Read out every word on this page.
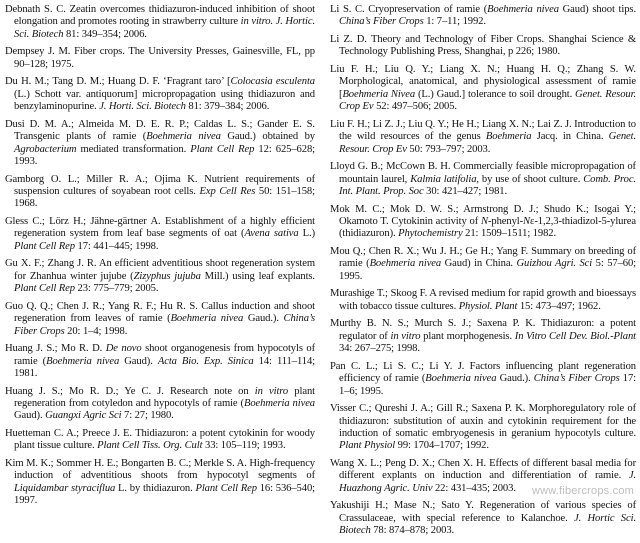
Debnath S. C. Zeatin overcomes thidiazuron-induced inhibition of shoot elongation and promotes rooting in strawberry culture in vitro. J. Hortic. Sci. Biotech 81: 349–354; 2006.

Dempsey J. M. Fiber crops. The University Presses, Gainesville, FL, pp 90–128; 1975.

Du H. M.; Tang D. M.; Huang D. F. ‘Fragrant taro’ [Colocasia esculenta (L.) Schott var. antiquorum] micropropagation using thidiazuron and benzylaminopurine. J. Horti. Sci. Biotech 81: 379–384; 2006.

Dusi D. M. A.; Almeida M. D. E. R. P.; Caldas L. S.; Gander E. S. Transgenic plants of ramie (Boehmeria nivea Gaud.) obtained by Agrobacterium mediated transformation. Plant Cell Rep 12: 625–628; 1993.

Gamborg O. L.; Miller R. A.; Ojima K. Nutrient requirements of suspension cultures of soyabean root cells. Exp Cell Res 50: 151–158; 1968.

Gless C.; Lörz H.; Jähne-gärtner A. Establishment of a highly efficient regeneration system from leaf base segments of oat (Avena sativa L.) Plant Cell Rep 17: 441–445; 1998.

Gu X. F.; Zhang J. R. An efficient adventitious shoot regeneration system for Zhanhua winter jujube (Zizyphus jujuba Mill.) using leaf explants. Plant Cell Rep 23: 775–779; 2005.

Guo Q. Q.; Chen J. R.; Yang R. F.; Hu R. S. Callus induction and shoot regeneration from leaves of ramie (Boehmeria nivea Gaud.). China’s Fiber Crops 20: 1–4; 1998.

Huang J. S.; Mo R. D. De novo shoot organogenesis from hypocotyls of ramie (Boehmeria nivea Gaud). Acta Bio. Exp. Sinica 14: 111–114; 1981.

Huang J. S.; Mo R. D.; Ye C. J. Research note on in vitro plant regeneration from cotyledon and hypocotyls of ramie (Boehmeria nivea Gaud). Guangxi Agric Sci 7: 27; 1980.

Huetteman C. A.; Preece J. E. Thidiazuron: a potent cytokinin for woody plant tissue culture. Plant Cell Tiss. Org. Cult 33: 105–119; 1993.

Kim M. K.; Sommer H. E.; Bongarten B. C.; Merkle S. A. High-frequency induction of adventitious shoots from hypocotyl segments of Liquidambar styraciflua L. by thidiazuron. Plant Cell Rep 16: 536–540; 1997.

Li S. C. Cryopreservation of ramie (Boehmeria nivea Gaud) shoot tips. China’s Fiber Crops 1: 7–11; 1992.

Li Z. D. Theory and Technology of Fiber Crops. Shanghai Science & Technology Publishing Press, Shanghai, p 226; 1980.

Liu F. H.; Liu Q. Y.; Liang X. N.; Huang H. Q.; Zhang S. W. Morphological, anatomical, and physiological assessment of ramie [Boehmeria Nivea (L.) Gaud.] tolerance to soil drought. Genet. Resour. Crop Ev 52: 497–506; 2005.

Liu F. H.; Li Z. J.; Liu Q. Y.; He H.; Liang X. N.; Lai Z. J. Introduction to the wild resources of the genus Boehmeria Jacq. in China. Genet. Resour. Crop Ev 50: 793–797; 2003.

Lloyd G. B.; McCown B. H. Commercially feasible micropropagation of mountain laurel, Kalmia latifolia, by use of shoot culture. Comb. Proc. Int. Plant. Prop. Soc 30: 421–427; 1981.

Mok M. C.; Mok D. W. S.; Armstrong D. J.; Shudo K.; Isogai Y.; Okamoto T. Cytokinin activity of N-phenyl-Nε-1,2,3-thiadizol-5-ylurea (thidiazuron). Phytochemistry 21: 1509–1511; 1982.

Mou Q.; Chen R. X.; Wu J. H.; Ge H.; Yang F. Summary on breeding of ramie (Boehmeria nivea Gaud) in China. Guizhou Agri. Sci 5: 57–60; 1995.

Murashige T.; Skoog F. A revised medium for rapid growth and bioessays with tobacco tissue cultures. Physiol. Plant 15: 473–497; 1962.

Murthy B. N. S.; Murch S. J.; Saxena P. K. Thidiazuron: a potent regulator of in vitro plant morphogenesis. In Vitro Cell Dev. Biol.-Plant 34: 267–275; 1998.

Pan C. L.; Li S. C.; Li Y. J. Factors influencing plant regeneration efficiency of ramie (Boehmeria nivea Gaud.). China’s Fiber Crops 17: 1–6; 1995.

Visser C.; Qureshi J. A.; Gill R.; Saxena P. K. Morphoregulatory role of thidiazuron: substitution of auxin and cytokinin requirement for the induction of somatic embryogenesis in geranium hypocotyls culture. Plant Physiol 99: 1704–1707; 1992.

Wang X. L.; Peng D. X.; Chen X. H. Effects of different basal media for different explants on induction and differentiation of ramie. J. Huazhong Agric. Univ 22: 431–435; 2003.

Yakushiji H.; Mase N.; Sato Y. Regeneration of various species of Crassulaceae, with special reference to Kalanchoe. J. Hortic Sci. Biotech 78: 874–878; 2003.

www.fibercrops.com
